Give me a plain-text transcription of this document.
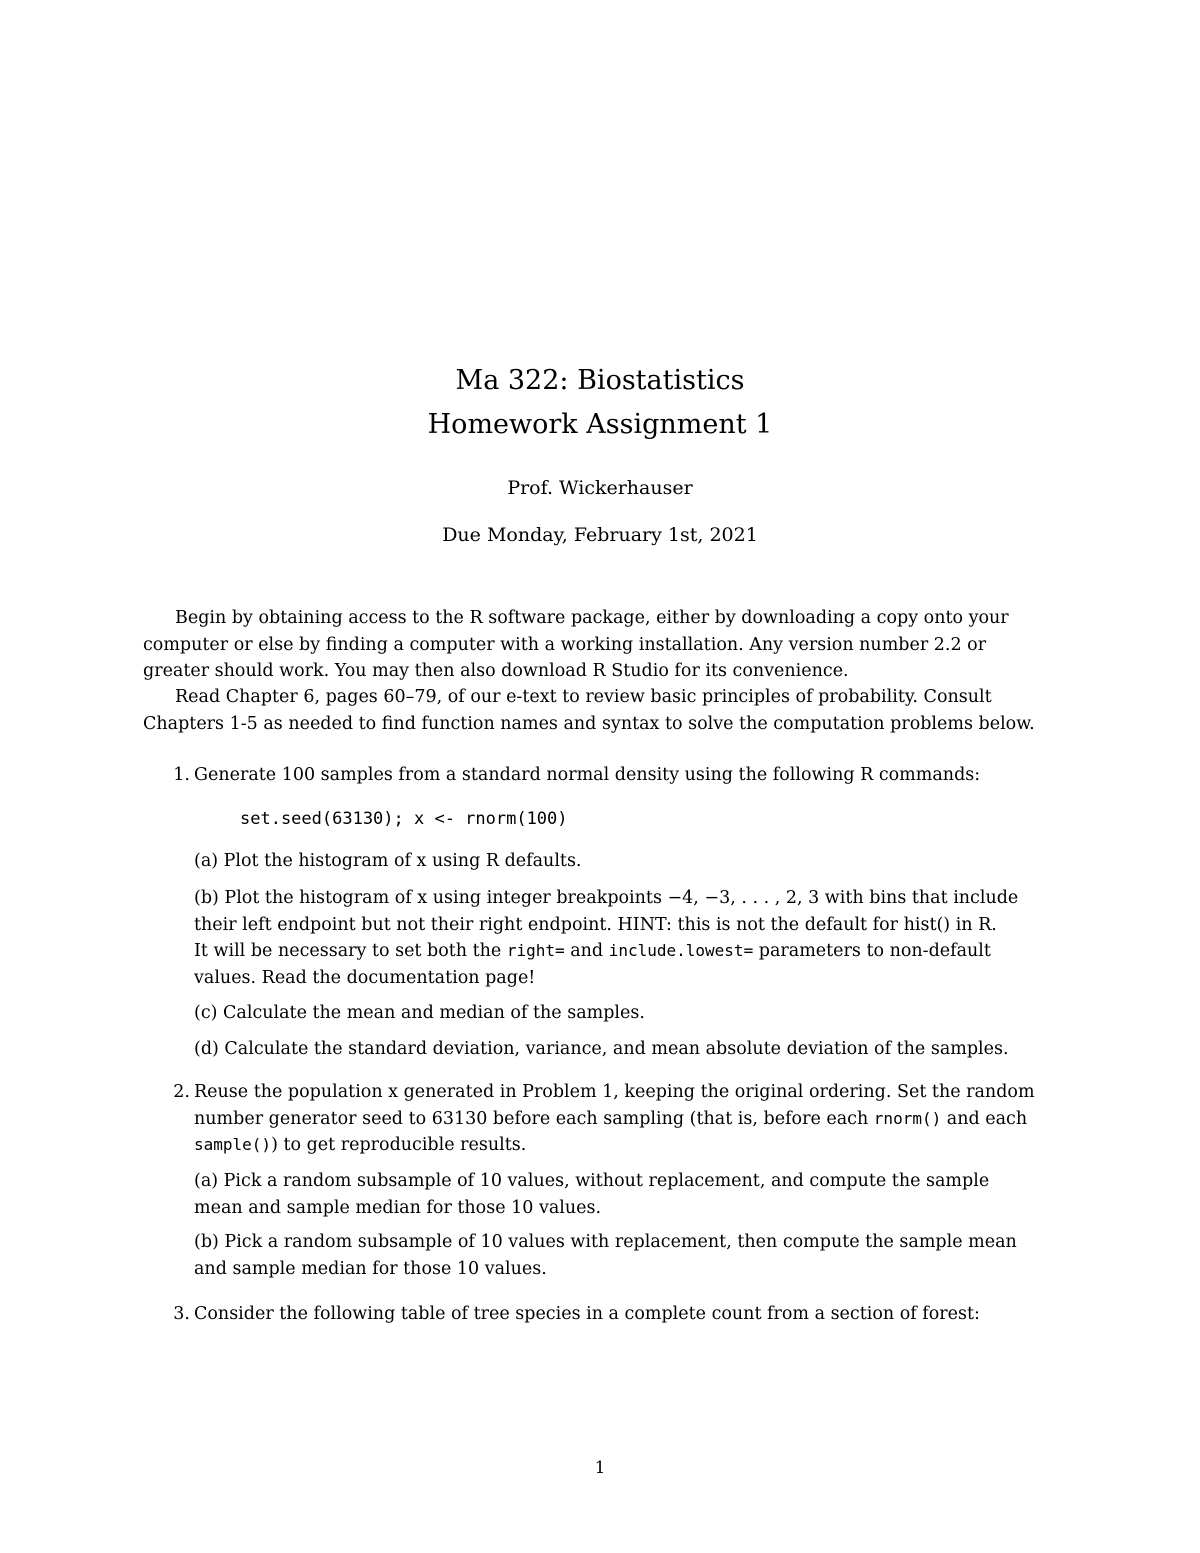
Ma 322: Biostatistics
Homework Assignment 1
Prof. Wickerhauser
Due Monday, February 1st, 2021
Begin by obtaining access to the R software package, either by downloading a copy onto your
computer or else by finding a computer with a working installation. Any version number 2.2 or
greater should work. You may then also download R Studio for its convenience.
Read Chapter 6, pages 60–79, of our e-text to review basic principles of probability. Consult
Chapters 1-5 as needed to find function names and syntax to solve the computation problems below.
1. Generate 100 samples from a standard normal density using the following R commands:
set.seed(63130); x <- rnorm(100)
(a) Plot the histogram of x using R defaults.
(b) Plot the histogram of x using integer breakpoints −4, −3, . . . , 2, 3 with bins that include
their left endpoint but not their right endpoint. HINT: this is not the default for hist() in R.
It will be necessary to set both the right= and include.lowest= parameters to non-default
values. Read the documentation page!
(c) Calculate the mean and median of the samples.
(d) Calculate the standard deviation, variance, and mean absolute deviation of the samples.
2. Reuse the population x generated in Problem 1, keeping the original ordering. Set the random
number generator seed to 63130 before each sampling (that is, before each rnorm() and each
sample()) to get reproducible results.
(a) Pick a random subsample of 10 values, without replacement, and compute the sample
mean and sample median for those 10 values.
(b) Pick a random subsample of 10 values with replacement, then compute the sample mean
and sample median for those 10 values.
3. Consider the following table of tree species in a complete count from a section of forest:
1
